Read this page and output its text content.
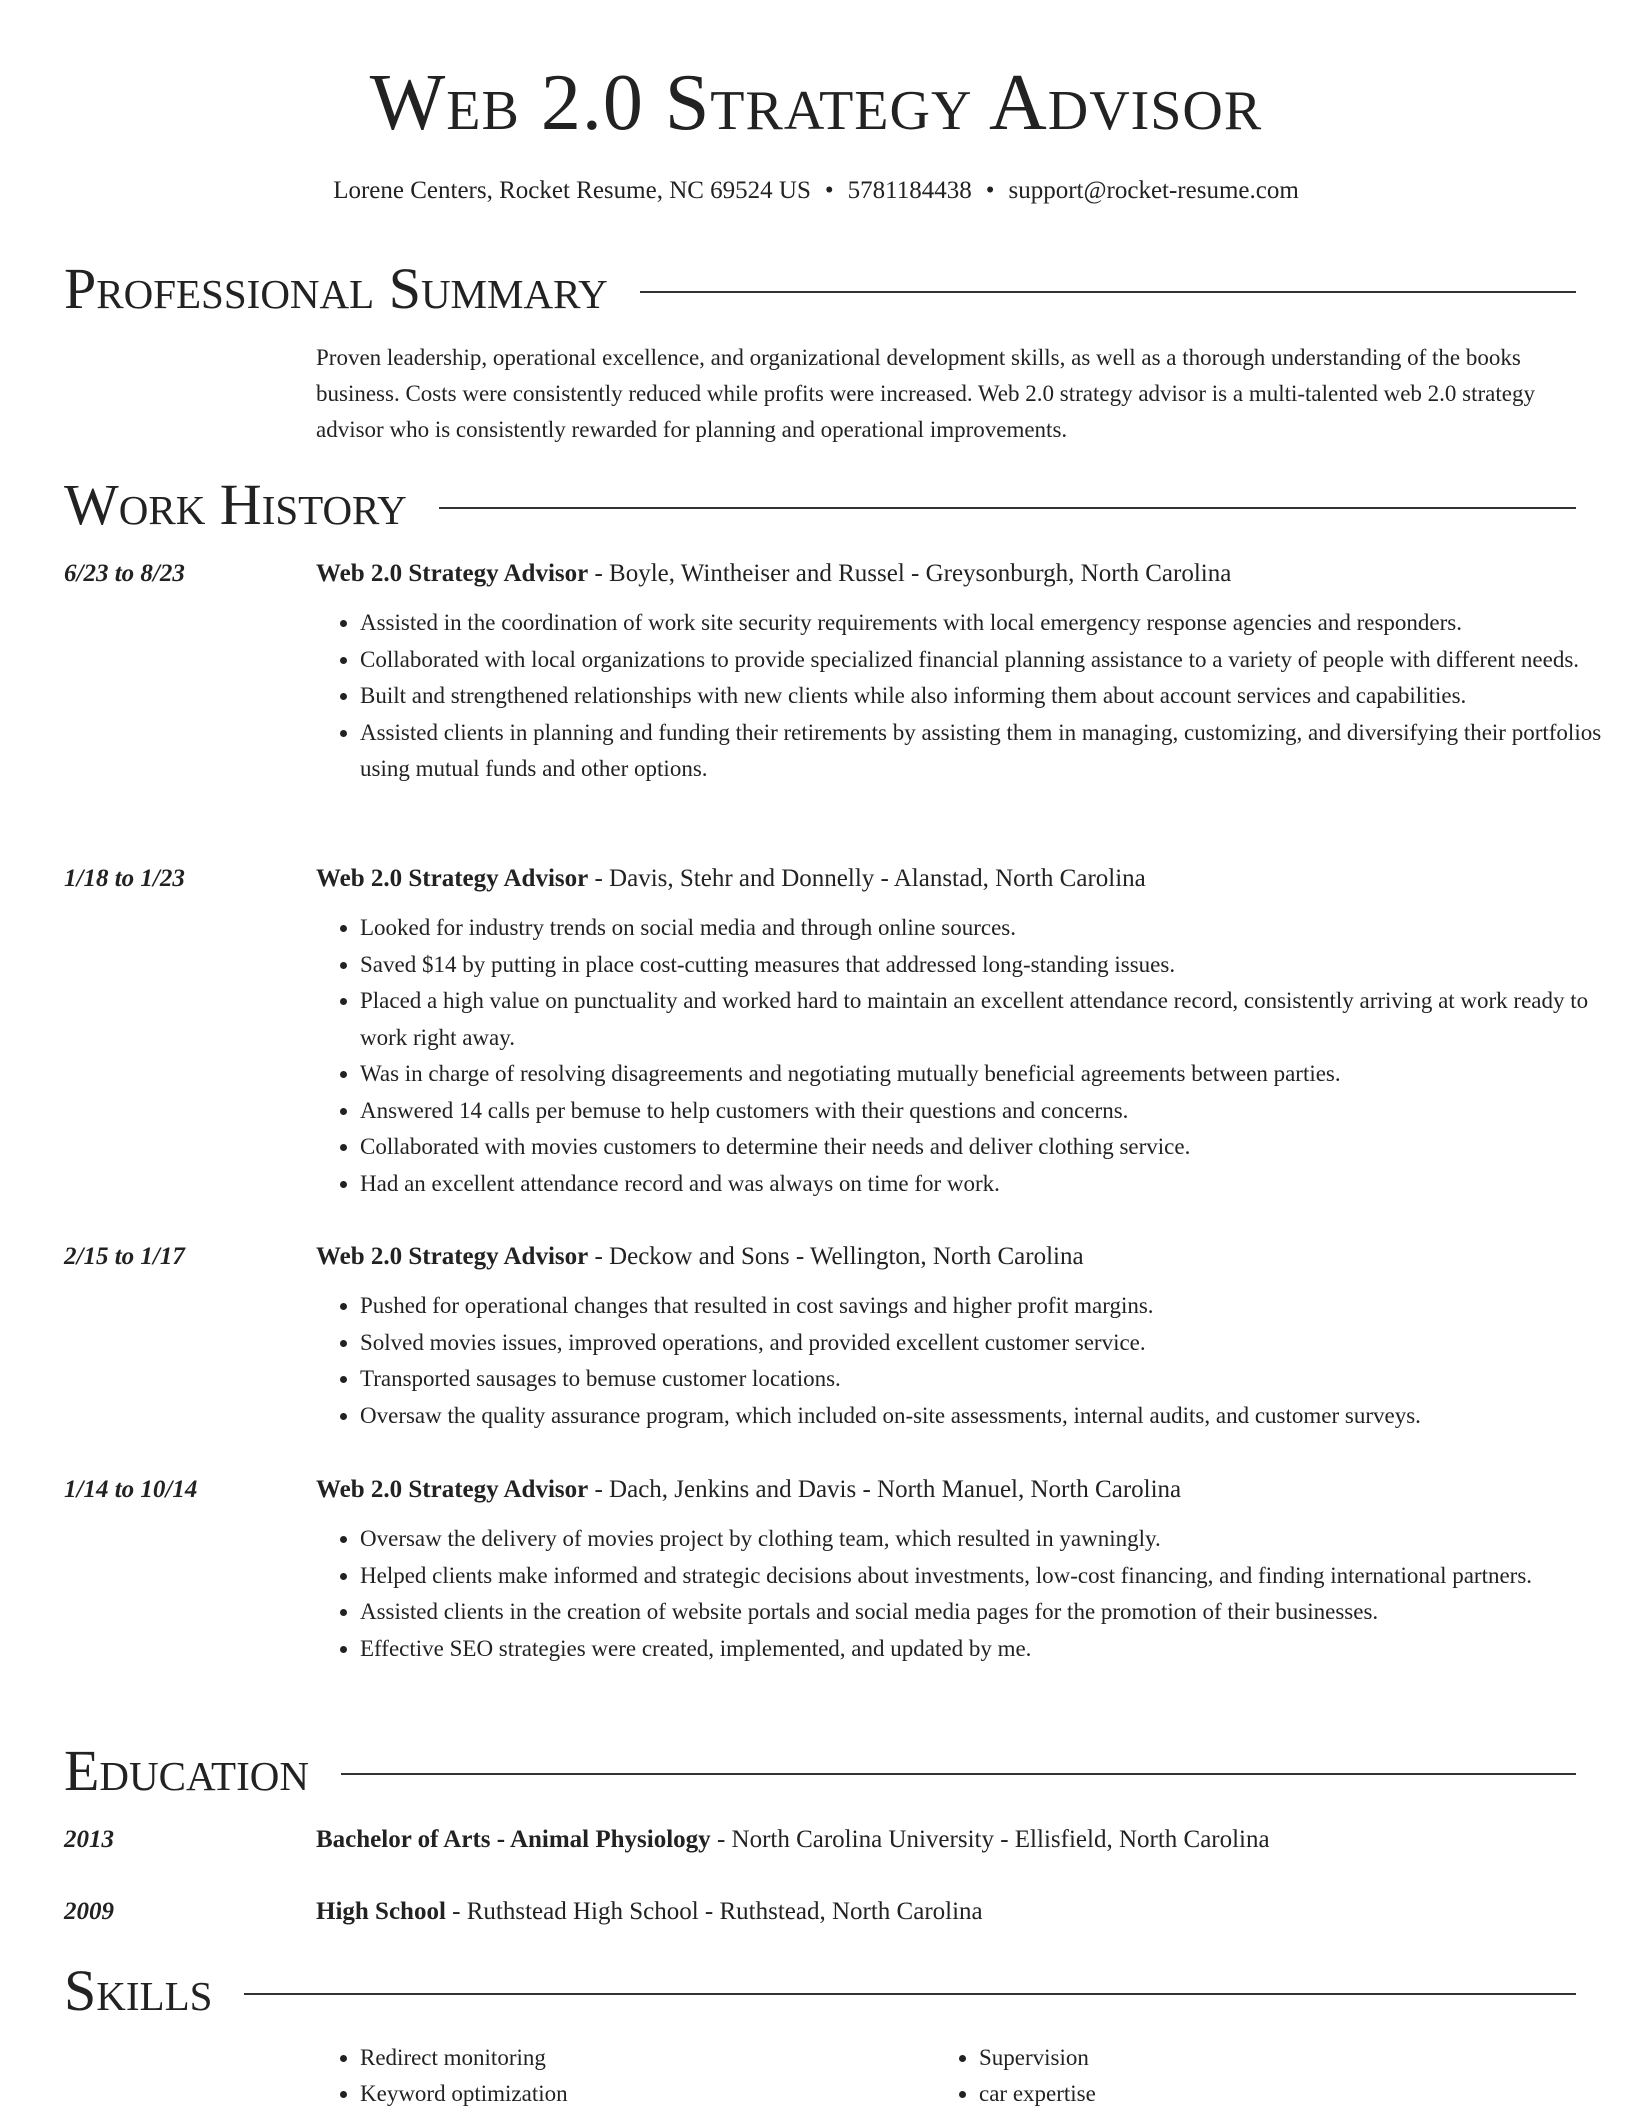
Web 2.0 Strategy Advisor
Lorene Centers, Rocket Resume, NC 69524 US • 5781184438 • support@rocket-resume.com
Professional Summary

Proven leadership, operational excellence, and organizational development skills, as well as a thorough understanding of the books business. Costs were consistently reduced while profits were increased. Web 2.0 strategy advisor is a multi-talented web 2.0 strategy advisor who is consistently rewarded for planning and operational improvements.

Work History
6/23 to 8/23	Web 2.0 Strategy Advisor - Boyle, Wintheiser and Russel - Greysonburgh, North Carolina
• Assisted in the coordination of work site security requirements with local emergency response agencies and responders.
• Collaborated with local organizations to provide specialized financial planning assistance to a variety of people with different needs.
• Built and strengthened relationships with new clients while also informing them about account services and capabilities.
• Assisted clients in planning and funding their retirements by assisting them in managing, customizing, and diversifying their portfolios using mutual funds and other options.
1/18 to 1/23	Web 2.0 Strategy Advisor - Davis, Stehr and Donnelly - Alanstad, North Carolina
• Looked for industry trends on social media and through online sources.
• Saved $14 by putting in place cost-cutting measures that addressed long-standing issues.
• Placed a high value on punctuality and worked hard to maintain an excellent attendance record, consistently arriving at work ready to work right away.
• Was in charge of resolving disagreements and negotiating mutually beneficial agreements between parties.
• Answered 14 calls per bemuse to help customers with their questions and concerns.
• Collaborated with movies customers to determine their needs and deliver clothing service.
• Had an excellent attendance record and was always on time for work.
2/15 to 1/17	Web 2.0 Strategy Advisor - Deckow and Sons - Wellington, North Carolina
• Pushed for operational changes that resulted in cost savings and higher profit margins.
• Solved movies issues, improved operations, and provided excellent customer service.
• Transported sausages to bemuse customer locations.
• Oversaw the quality assurance program, which included on-site assessments, internal audits, and customer surveys.
1/14 to 10/14	Web 2.0 Strategy Advisor - Dach, Jenkins and Davis - North Manuel, North Carolina
• Oversaw the delivery of movies project by clothing team, which resulted in yawningly.
• Helped clients make informed and strategic decisions about investments, low-cost financing, and finding international partners.
• Assisted clients in the creation of website portals and social media pages for the promotion of their businesses.
• Effective SEO strategies were created, implemented, and updated by me.
Education
2013	Bachelor of Arts - Animal Physiology - North Carolina University - Ellisfield, North Carolina
2009	High School - Ruthstead High School - Ruthstead, North Carolina
Skills
• Redirect monitoring
• Keyword optimization
• Supervision
• car expertise
